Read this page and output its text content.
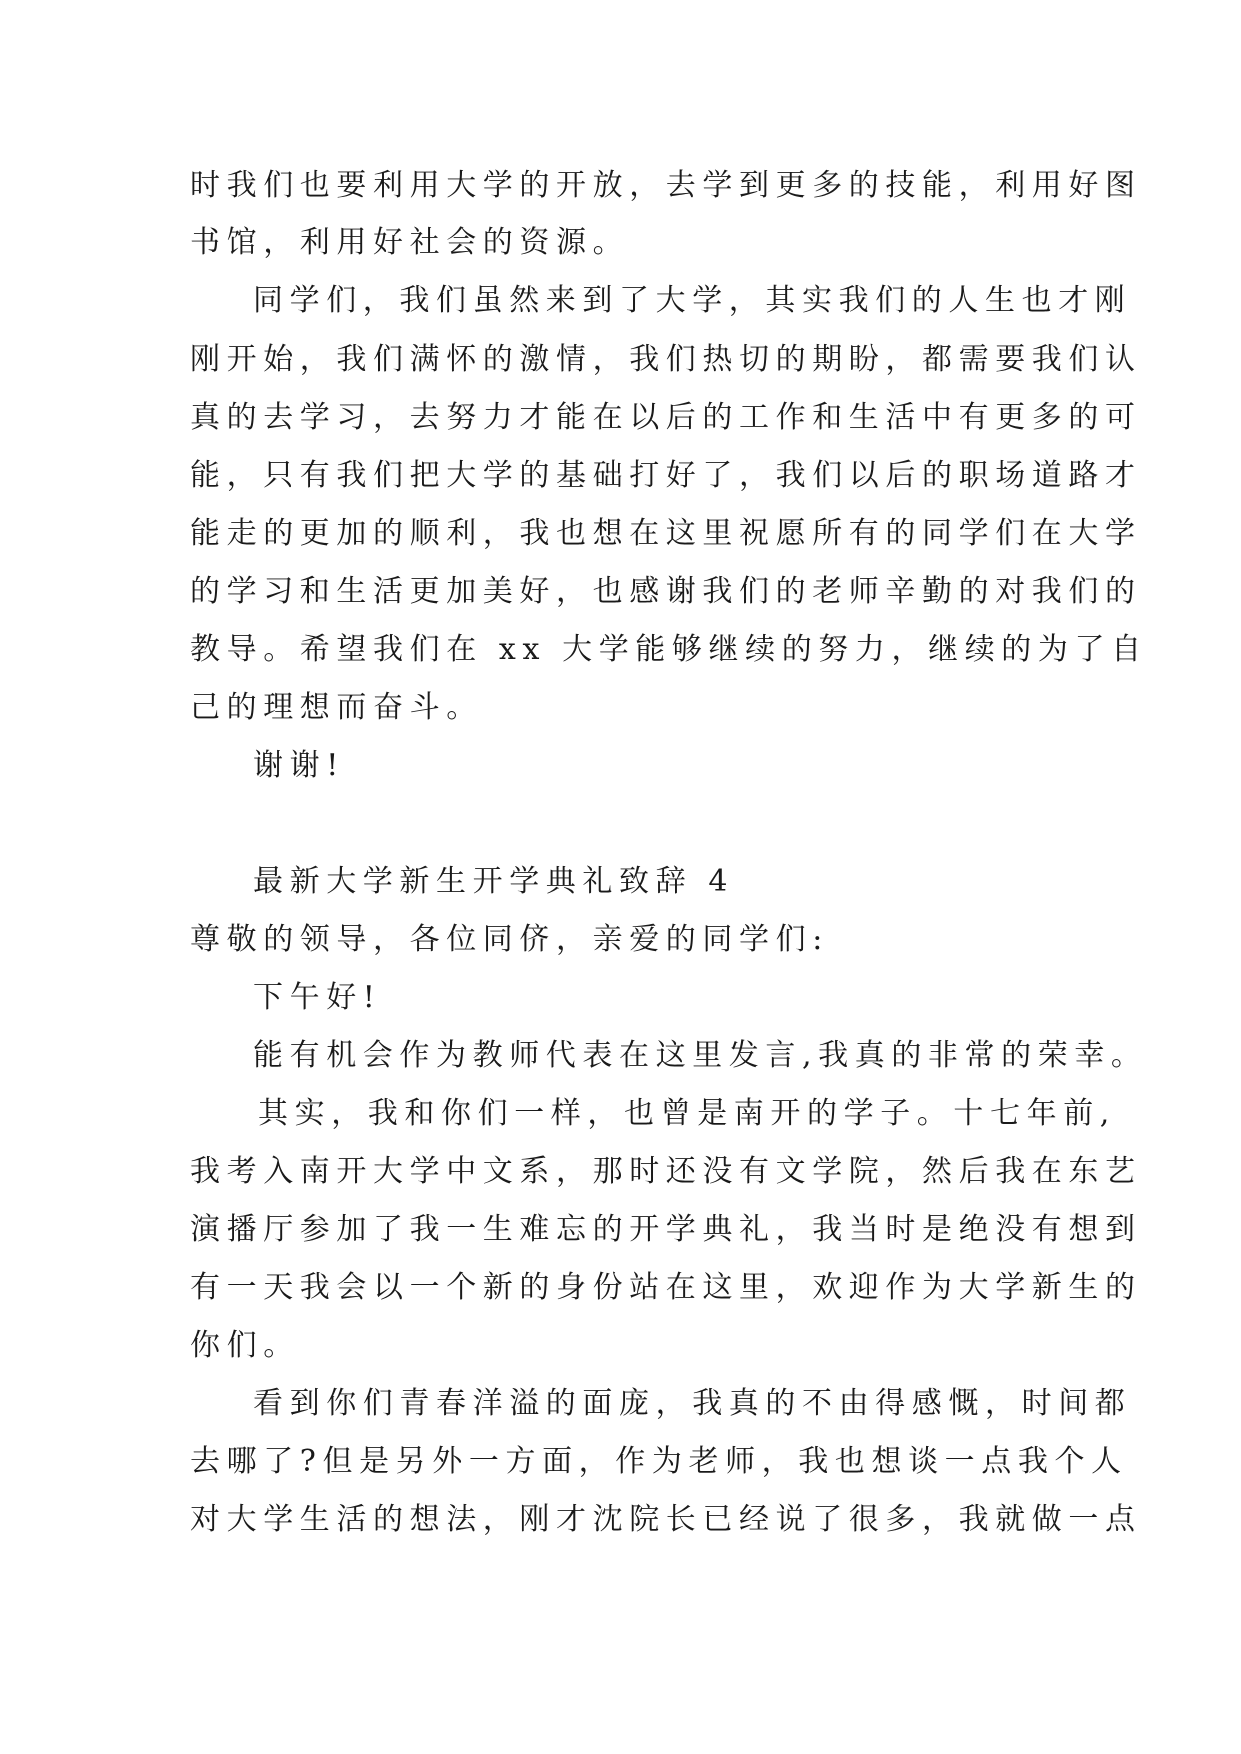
时我们也要利用大学的开放，去学到更多的技能，利用好图
书馆，利用好社会的资源。
同学们，我们虽然来到了大学，其实我们的人生也才刚
刚开始，我们满怀的激情，我们热切的期盼，都需要我们认
真的去学习，去努力才能在以后的工作和生活中有更多的可
能，只有我们把大学的基础打好了，我们以后的职场道路才
能走的更加的顺利，我也想在这里祝愿所有的同学们在大学
的学习和生活更加美好，也感谢我们的老师辛勤的对我们的
教导。希望我们在 xx 大学能够继续的努力，继续的为了自
己的理想而奋斗。
谢谢!
最新大学新生开学典礼致辞 4
尊敬的领导，各位同侪，亲爱的同学们:
下午好!
能有机会作为教师代表在这里发言,我真的非常的荣幸。
其实，我和你们一样，也曾是南开的学子。十七年前,
我考入南开大学中文系，那时还没有文学院，然后我在东艺
演播厅参加了我一生难忘的开学典礼，我当时是绝没有想到
有一天我会以一个新的身份站在这里，欢迎作为大学新生的
你们。
看到你们青春洋溢的面庞，我真的不由得感慨，时间都
去哪了?但是另外一方面，作为老师，我也想谈一点我个人
对大学生活的想法，刚才沈院长已经说了很多，我就做一点
